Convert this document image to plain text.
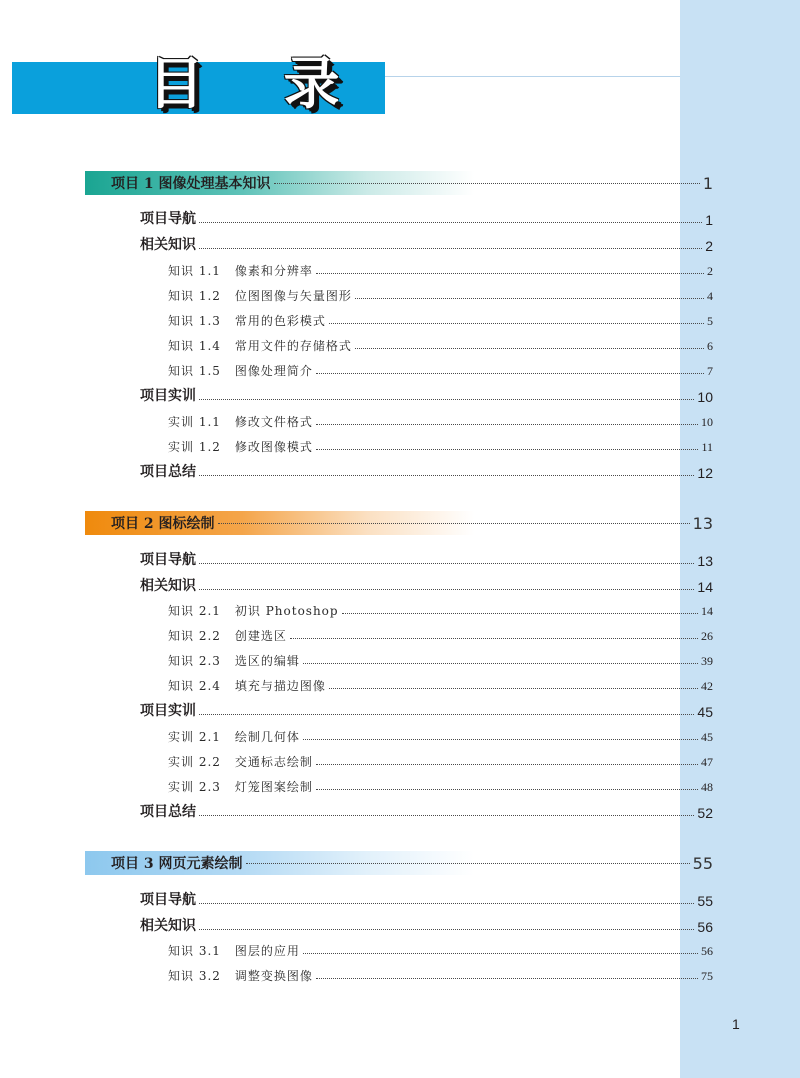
目 录
项目 1 图像处理基本知识	1
项目导航	1
相关知识	2
知识 1.1 像素和分辨率	2
知识 1.2 位图图像与矢量图形	4
知识 1.3 常用的色彩模式	5
知识 1.4 常用文件的存储格式	6
知识 1.5 图像处理简介	7
项目实训	10
实训 1.1 修改文件格式	10
实训 1.2 修改图像模式	11
项目总结	12
项目 2 图标绘制	13
项目导航	13
相关知识	14
知识 2.1 初识 Photoshop	14
知识 2.2 创建选区	26
知识 2.3 选区的编辑	39
知识 2.4 填充与描边图像	42
项目实训	45
实训 2.1 绘制几何体	45
实训 2.2 交通标志绘制	47
实训 2.3 灯笼图案绘制	48
项目总结	52
项目 3 网页元素绘制	55
项目导航	55
相关知识	56
知识 3.1 图层的应用	56
知识 3.2 调整变换图像	75
1
